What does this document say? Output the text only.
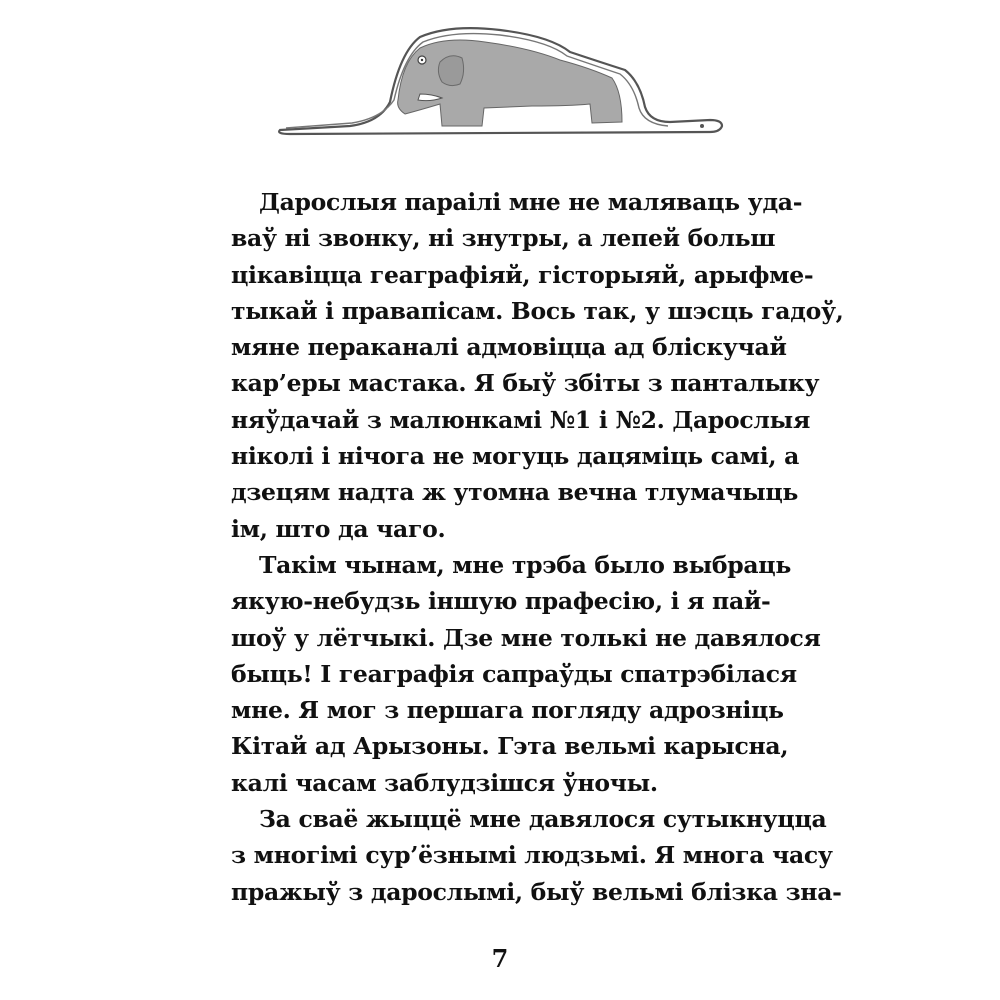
Дарослыя параілі мне не маляваць уда-
ваў ні звонку, ні знутры, а лепей больш
цікавіцца геаграфіяй, гісторыяй, арыфме-
тыкай і правапісам. Вось так, у шэсць гадоў,
мяне пераканалі адмовіцца ад бліскучай
кар’еры мастака. Я быў збіты з панталыку
няўдачай з малюнкамі №1 і №2. Дарослыя
ніколі і нічога не могуць дацяміць самі, а
дзецям надта ж утомна вечна тлумачыць
ім, што да чаго.
Такім чынам, мне трэба было выбраць
якую-небудзь іншую прафесію, і я пай-
шоў у лётчыкі. Дзе мне толькі не давялося
быць! І геаграфія сапраўды спатрэбілася
мне. Я мог з першага погляду адрозніць
Кітай ад Арызоны. Гэта вельмі карысна,
калі часам заблудзішся ўночы.
За сваё жыццё мне давялося сутыкнуцца
з многімі сур’ёзнымі людзьмі. Я многа часу
пражыў з дарослымі, быў вельмі блізка зна-
7
